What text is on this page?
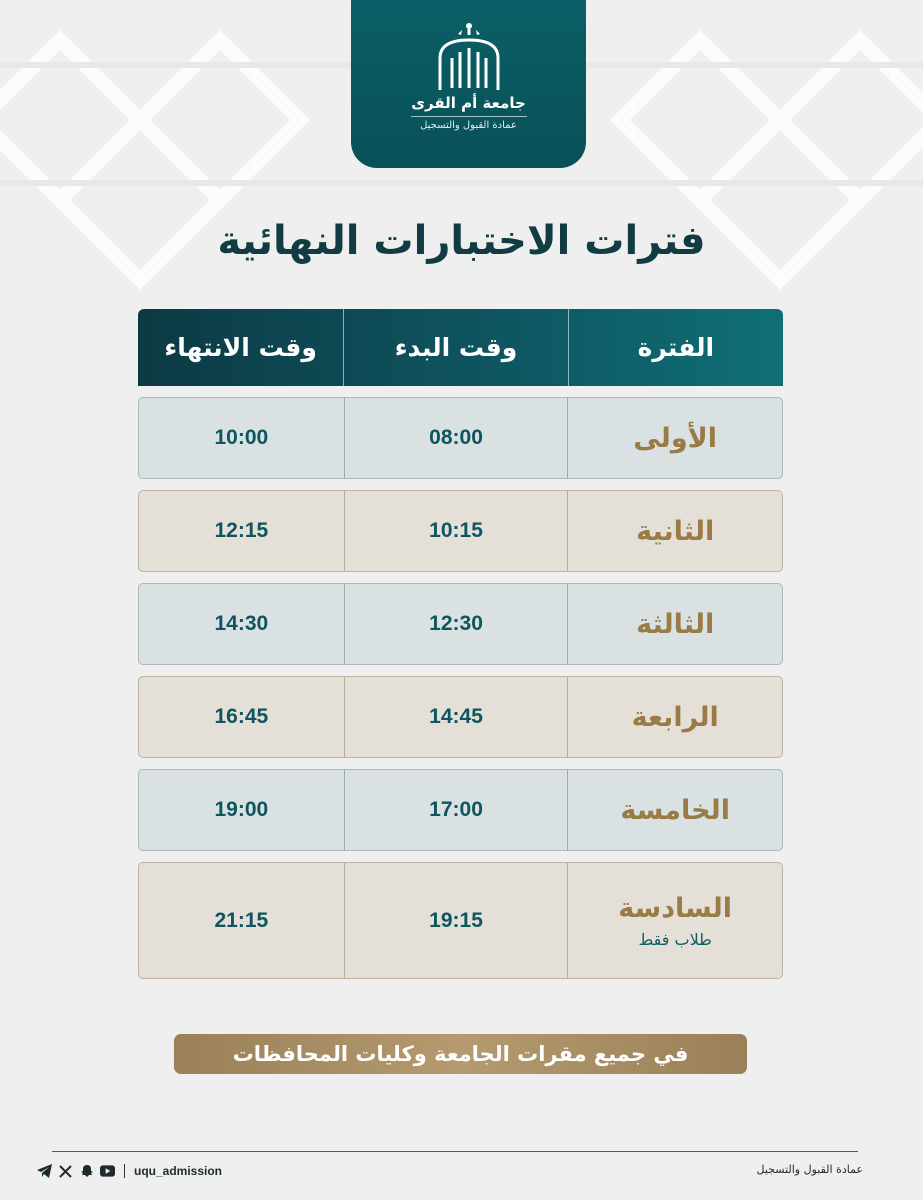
جامعة أم القرى
عمادة القبول والتسجيل
فترات الاختبارات النهائية
الفترة
وقت البدء
وقت الانتهاء
الأولى
08:00
10:00
الثانية
10:15
12:15
الثالثة
12:30
14:30
الرابعة
14:45
16:45
الخامسة
17:00
19:00
السادسة
طلاب فقط
19:15
21:15
في جميع مقرات الجامعة وكليات المحافظات
uqu_admission	عمادة القبول والتسجيل
